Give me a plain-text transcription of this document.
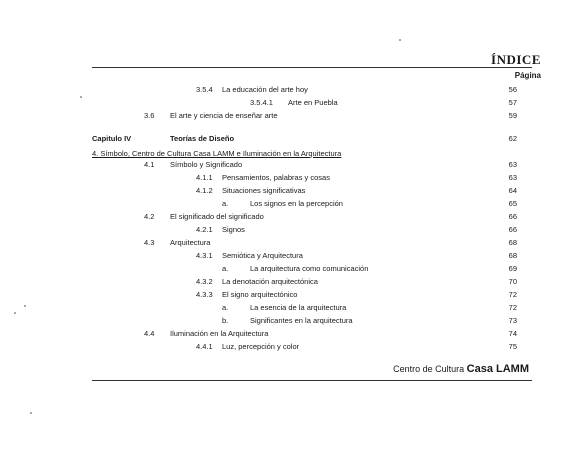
ÍNDICE
Página
3.5.4 La educación del arte hoy	56
3.5.4.1 Arte en Puebla	57
3.6 El arte y ciencia de enseñar arte	59
Capitulo IV	Teorías de Diseño	62
4. Símbolo, Centro de Cultura Casa LAMM e Iluminación en la Arquitectura
4.1 Símbolo y Significado	63
4.1.1 Pensamientos, palabras y cosas	63
4.1.2 Situaciones significativas	64
a.	Los signos en la percepción	65
4.2 El significado del significado	66
4.2.1 Signos	66
4.3 Arquitectura	68
4.3.1 Semiótica y Arquitectura	68
a.	La arquitectura como comunicación	69
4.3.2 La denotación arquitectónica	70
4.3.3 El signo arquitectónico	72
a.	La esencia de la arquitectura	72
b.	Significantes en la arquitectura	73
4.4 Iluminación en la Arquitectura	74
4.4.1 Luz, percepción y color	75
Centro de Cultura Casa LAMM
